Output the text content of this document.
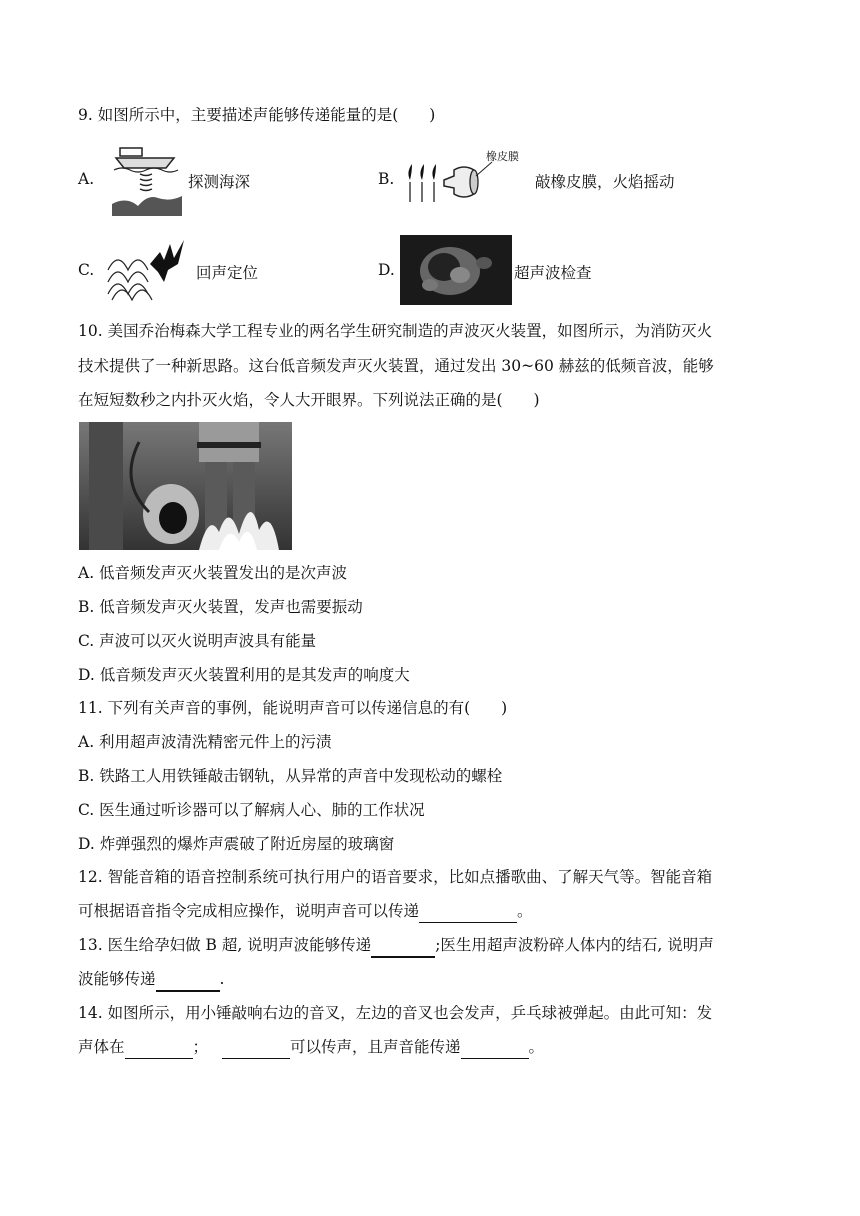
9. 如图所示中，主要描述声能够传递能量的是(　　)
A.	探测海深	B.
橡皮膜
敲橡皮膜，火焰摇动
C.	回声定位	D.	超声波检查
10. 美国乔治梅森大学工程专业的两名学生研究制造的声波灭火装置，如图所示，为消防灭火
技术提供了一种新思路。这台低音频发声灭火装置，通过发出 30~60 赫兹的低频音波，能够
在短短数秒之内扑灭火焰，令人大开眼界。下列说法正确的是(　　)
A. 低音频发声灭火装置发出的是次声波
B. 低音频发声灭火装置，发声也需要振动
C. 声波可以灭火说明声波具有能量
D. 低音频发声灭火装置利用的是其发声的响度大
11. 下列有关声音的事例，能说明声音可以传递信息的有(　　)
A. 利用超声波清洗精密元件上的污渍
B. 铁路工人用铁锤敲击钢轨，从异常的声音中发现松动的螺栓
C. 医生通过听诊器可以了解病人心、肺的工作状况
D. 炸弹强烈的爆炸声震破了附近房屋的玻璃窗
12. 智能音箱的语音控制系统可执行用户的语音要求，比如点播歌曲、了解天气等。智能音箱
可根据语音指令完成相应操作，说明声音可以传递	。
13. 医生给孕妇做 B 超, 说明声波能够传递	;医生用超声波粉碎人体内的结石, 说明声
波能够传递	.
14. 如图所示，用小锤敲响右边的音叉，左边的音叉也会发声，乒乓球被弹起。由此可知：发
声体在	；	可以传声，且声音能传递	。
